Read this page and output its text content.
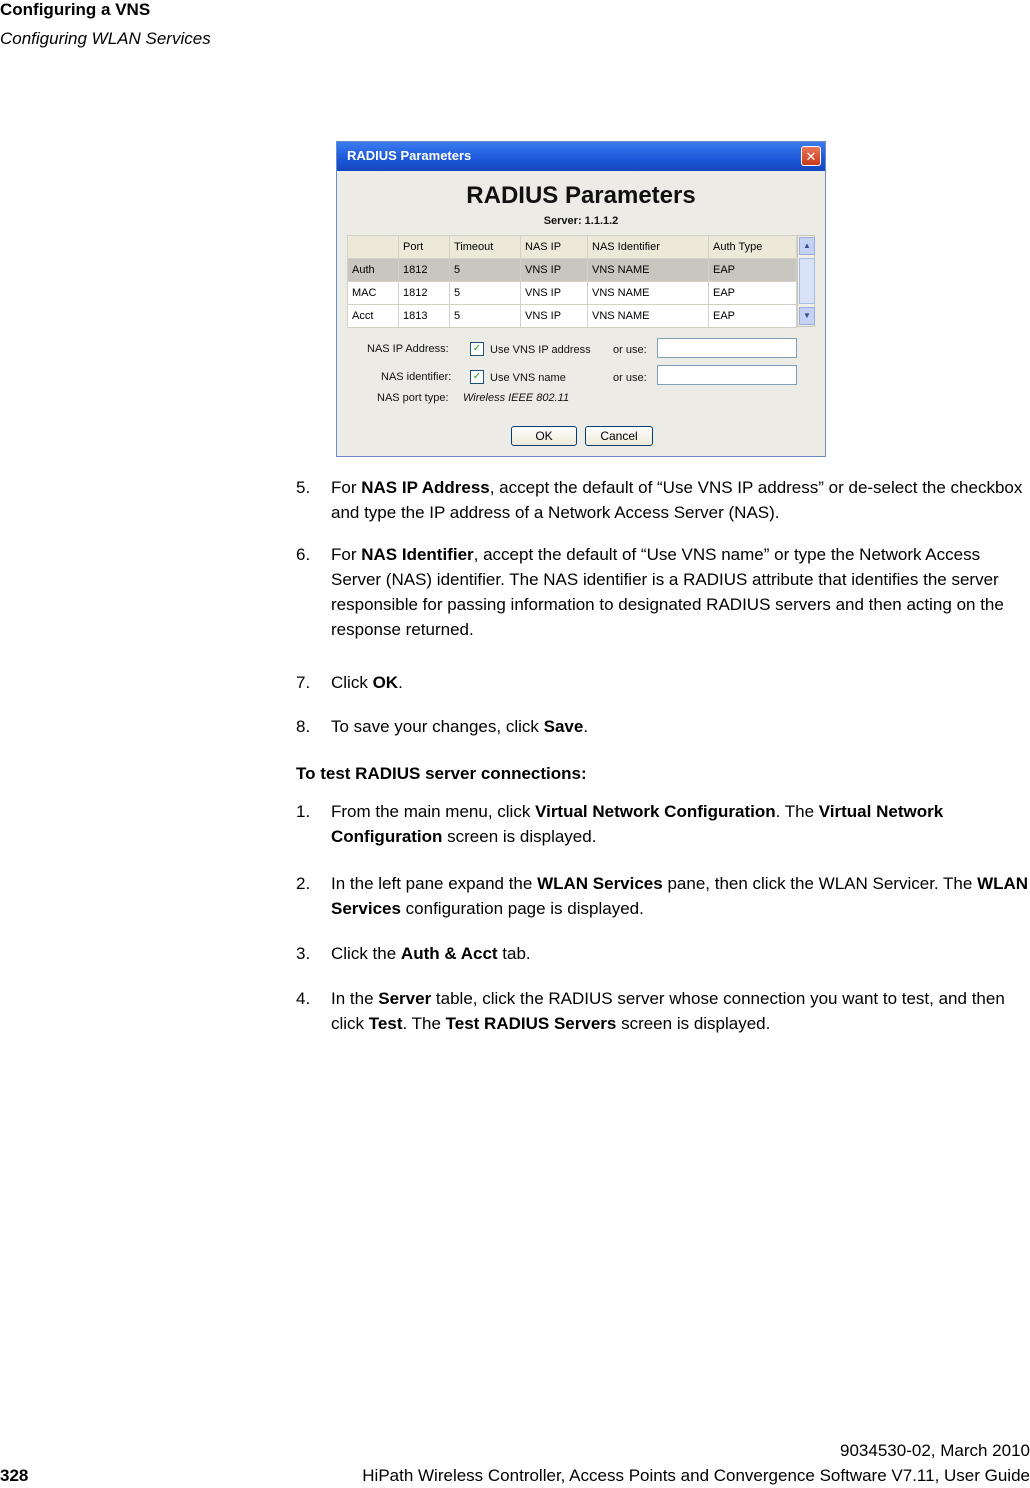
Configuring a VNS
Configuring WLAN Services
RADIUS Parameters	✕
RADIUS Parameters
Server: 1.1.1.2
	Port	Timeout	NAS IP	NAS Identifier	Auth Type
Auth	1812	5	VNS IP	VNS NAME	EAP
MAC	1812	5	VNS IP	VNS NAME	EAP
Acct	1813	5	VNS IP	VNS NAME	EAP
▲
▼
NAS IP Address: ✓ Use VNS IP address or use:
NAS identifier: ✓ Use VNS name	or use:
NAS port type: Wireless IEEE 802.11
OK	Cancel
5. For NAS IP Address, accept the default of “Use VNS IP address” or de-select the checkbox and type the IP address of a Network Access Server (NAS).
6. For NAS Identifier, accept the default of “Use VNS name” or type the Network Access Server (NAS) identifier. The NAS identifier is a RADIUS attribute that identifies the server responsible for passing information to designated RADIUS servers and then acting on the response returned.
7. Click OK.
8. To save your changes, click Save.
To test RADIUS server connections:
1. From the main menu, click Virtual Network Configuration. The Virtual Network Configuration screen is displayed.
2. In the left pane expand the WLAN Services pane, then click the WLAN Servicer. The WLAN Services configuration page is displayed.
3. Click the Auth & Acct tab.
4. In the Server table, click the RADIUS server whose connection you want to test, and then click Test. The Test RADIUS Servers screen is displayed.
9034530-02, March 2010
328	HiPath Wireless Controller, Access Points and Convergence Software V7.11, User Guide
